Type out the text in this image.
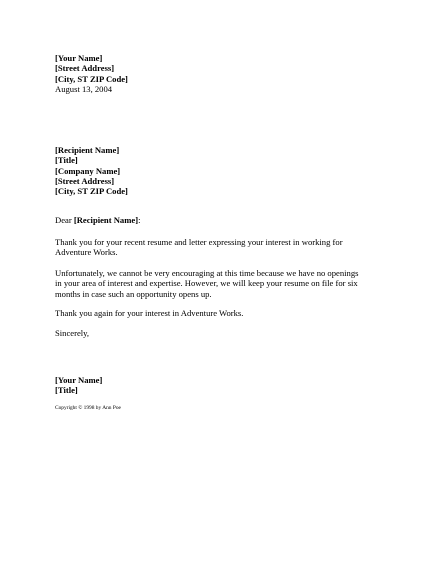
[Your Name]
[Street Address]
[City, ST ZIP Code]
August 13, 2004
[Recipient Name]
[Title]
[Company Name]
[Street Address]
[City, ST ZIP Code]
Dear [Recipient Name]:
Thank you for your recent resume and letter expressing your interest in working for
Adventure Works.
Unfortunately, we cannot be very encouraging at this time because we have no openings
in your area of interest and expertise. However, we will keep your resume on file for six
months in case such an opportunity opens up.
Thank you again for your interest in Adventure Works.
Sincerely,
[Your Name]
[Title]
Copyright © 1998 by Ann Poe
